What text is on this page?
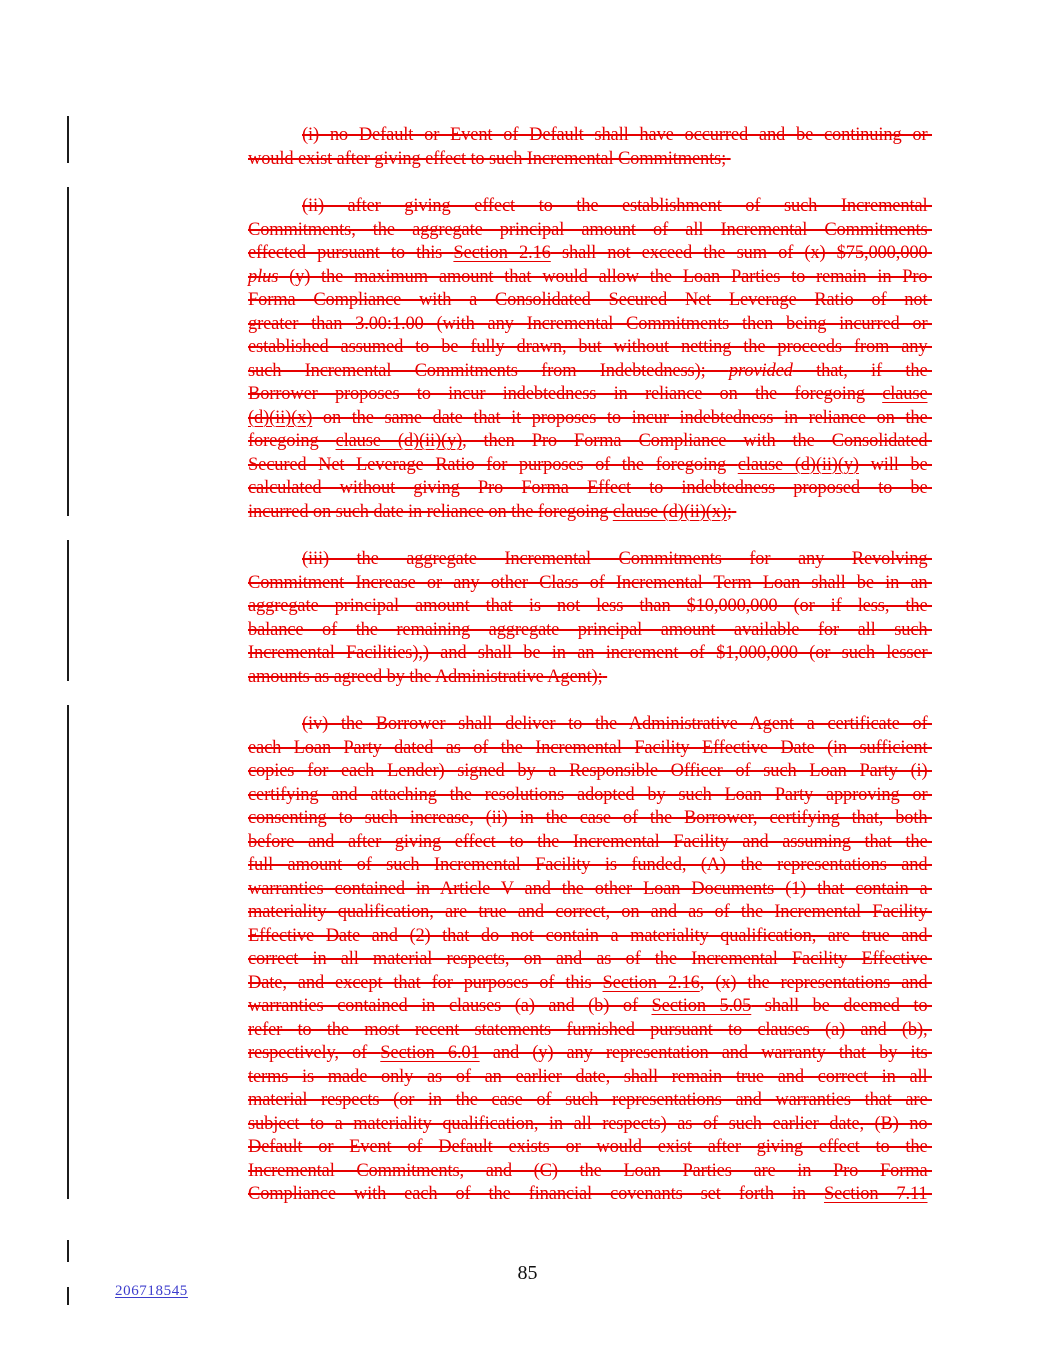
(i) no Default or Event of Default shall have occurred and be continuing or
would exist after giving effect to such Incremental Commitments;
(ii) after giving effect to the establishment of such Incremental
Commitments, the aggregate principal amount of all Incremental Commitments
effected pursuant to this Section 2.16 shall not exceed the sum of (x) $75,000,000
plus (y) the maximum amount that would allow the Loan Parties to remain in Pro
Forma Compliance with a Consolidated Secured Net Leverage Ratio of not
greater than 3.00:1.00 (with any Incremental Commitments then being incurred or
established assumed to be fully drawn, but without netting the proceeds from any
such Incremental Commitments from Indebtedness); provided that, if the
Borrower proposes to incur indebtedness in reliance on the foregoing clause
(d)(ii)(x) on the same date that it proposes to incur indebtedness in reliance on the
foregoing clause (d)(ii)(y), then Pro Forma Compliance with the Consolidated
Secured Net Leverage Ratio for purposes of the foregoing clause (d)(ii)(y) will be
calculated without giving Pro Forma Effect to indebtedness proposed to be
incurred on such date in reliance on the foregoing clause (d)(ii)(x);
(iii) the aggregate Incremental Commitments for any Revolving
Commitment Increase or any other Class of Incremental Term Loan shall be in an
aggregate principal amount that is not less than $10,000,000 (or if less, the
balance of the remaining aggregate principal amount available for all such
Incremental Facilities),) and shall be in an increment of $1,000,000 (or such lesser
amounts as agreed by the Administrative Agent);
(iv) the Borrower shall deliver to the Administrative Agent a certificate of
each Loan Party dated as of the Incremental Facility Effective Date (in sufficient
copies for each Lender) signed by a Responsible Officer of such Loan Party (i)
certifying and attaching the resolutions adopted by such Loan Party approving or
consenting to such increase, (ii) in the case of the Borrower, certifying that, both
before and after giving effect to the Incremental Facility and assuming that the
full amount of such Incremental Facility is funded, (A) the representations and
warranties contained in Article V and the other Loan Documents (1) that contain a
materiality qualification, are true and correct, on and as of the Incremental Facility
Effective Date and (2) that do not contain a materiality qualification, are true and
correct in all material respects, on and as of the Incremental Facility Effective
Date, and except that for purposes of this Section 2.16, (x) the representations and
warranties contained in clauses (a) and (b) of Section 5.05 shall be deemed to
refer to the most recent statements furnished pursuant to clauses (a) and (b),
respectively, of Section 6.01 and (y) any representation and warranty that by its
terms is made only as of an earlier date, shall remain true and correct in all
material respects (or in the case of such representations and warranties that are
subject to a materiality qualification, in all respects) as of such earlier date, (B) no
Default or Event of Default exists or would exist after giving effect to the
Incremental Commitments, and (C) the Loan Parties are in Pro Forma
Compliance with each of the financial covenants set forth in Section 7.11
85
206718545
